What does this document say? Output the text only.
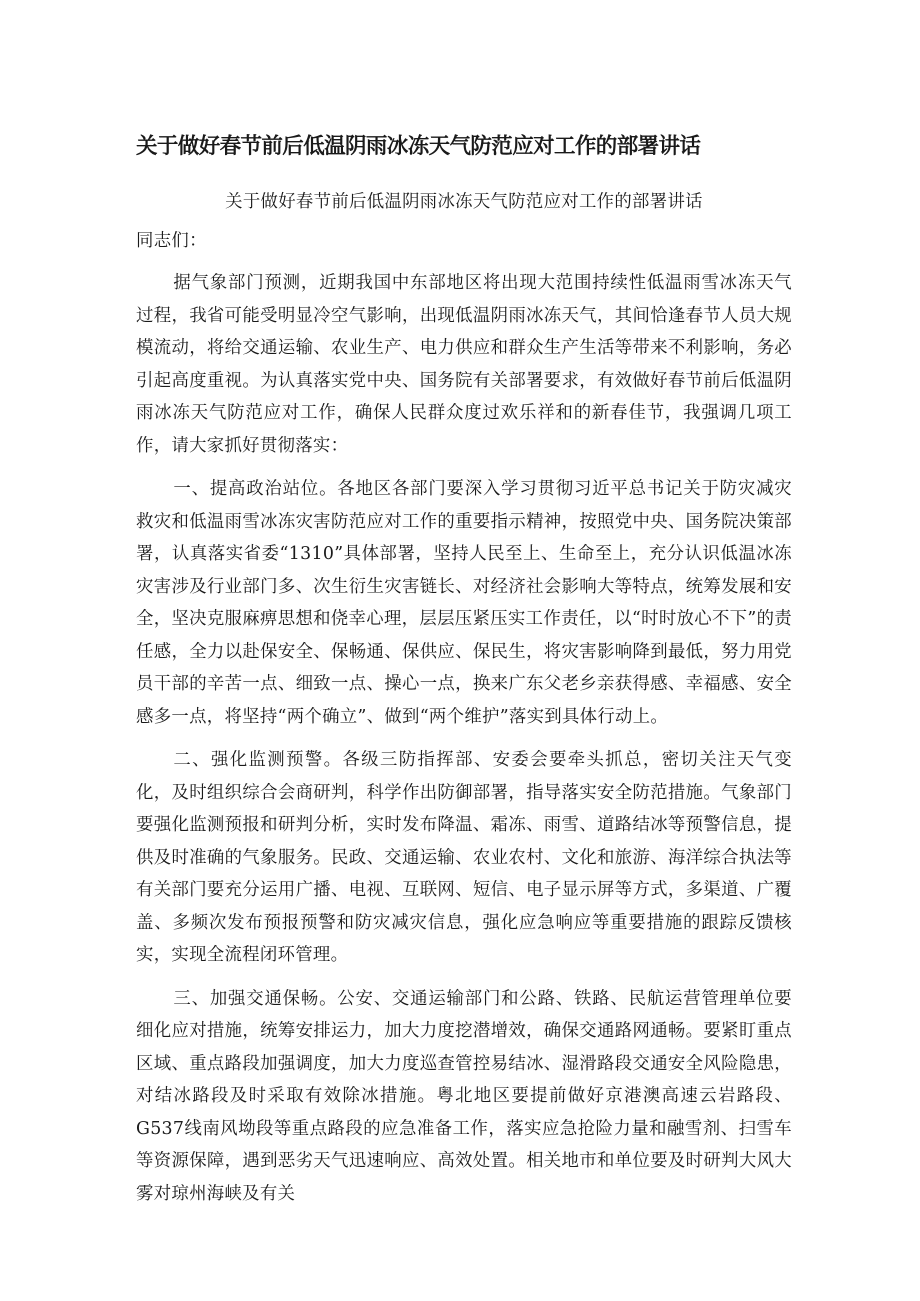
关于做好春节前后低温阴雨冰冻天气防范应对工作的部署讲话

关于做好春节前后低温阴雨冰冻天气防范应对工作的部署讲话

同志们：

据气象部门预测，近期我国中东部地区将出现大范围持续性低温雨雪冰冻天气过程，我省可能受明显冷空气影响，出现低温阴雨冰冻天气，其间恰逢春节人员大规模流动，将给交通运输、农业生产、电力供应和群众生产生活等带来不利影响，务必引起高度重视。为认真落实党中央、国务院有关部署要求，有效做好春节前后低温阴雨冰冻天气防范应对工作，确保人民群众度过欢乐祥和的新春佳节，我强调几项工作，请大家抓好贯彻落实：

一、提高政治站位。各地区各部门要深入学习贯彻习近平总书记关于防灾减灾救灾和低温雨雪冰冻灾害防范应对工作的重要指示精神，按照党中央、国务院决策部署，认真落实省委“1310”具体部署，坚持人民至上、生命至上，充分认识低温冰冻灾害涉及行业部门多、次生衍生灾害链长、对经济社会影响大等特点，统筹发展和安全，坚决克服麻痹思想和侥幸心理，层层压紧压实工作责任，以“时时放心不下”的责任感，全力以赴保安全、保畅通、保供应、保民生，将灾害影响降到最低，努力用党员干部的辛苦一点、细致一点、操心一点，换来广东父老乡亲获得感、幸福感、安全感多一点，将坚持“两个确立”、做到“两个维护”落实到具体行动上。

二、强化监测预警。各级三防指挥部、安委会要牵头抓总，密切关注天气变化，及时组织综合会商研判，科学作出防御部署，指导落实安全防范措施。气象部门要强化监测预报和研判分析，实时发布降温、霜冻、雨雪、道路结冰等预警信息，提供及时准确的气象服务。民政、交通运输、农业农村、文化和旅游、海洋综合执法等有关部门要充分运用广播、电视、互联网、短信、电子显示屏等方式，多渠道、广覆盖、多频次发布预报预警和防灾减灾信息，强化应急响应等重要措施的跟踪反馈核实，实现全流程闭环管理。

三、加强交通保畅。公安、交通运输部门和公路、铁路、民航运营管理单位要细化应对措施，统筹安排运力，加大力度挖潜增效，确保交通路网通畅。要紧盯重点区域、重点路段加强调度，加大力度巡查管控易结冰、湿滑路段交通安全风险隐患，对结冰路段及时采取有效除冰措施。粤北地区要提前做好京港澳高速云岩路段、G537线南风坳段等重点路段的应急准备工作，落实应急抢险力量和融雪剂、扫雪车等资源保障，遇到恶劣天气迅速响应、高效处置。相关地市和单位要及时研判大风大雾对琼州海峡及有关
